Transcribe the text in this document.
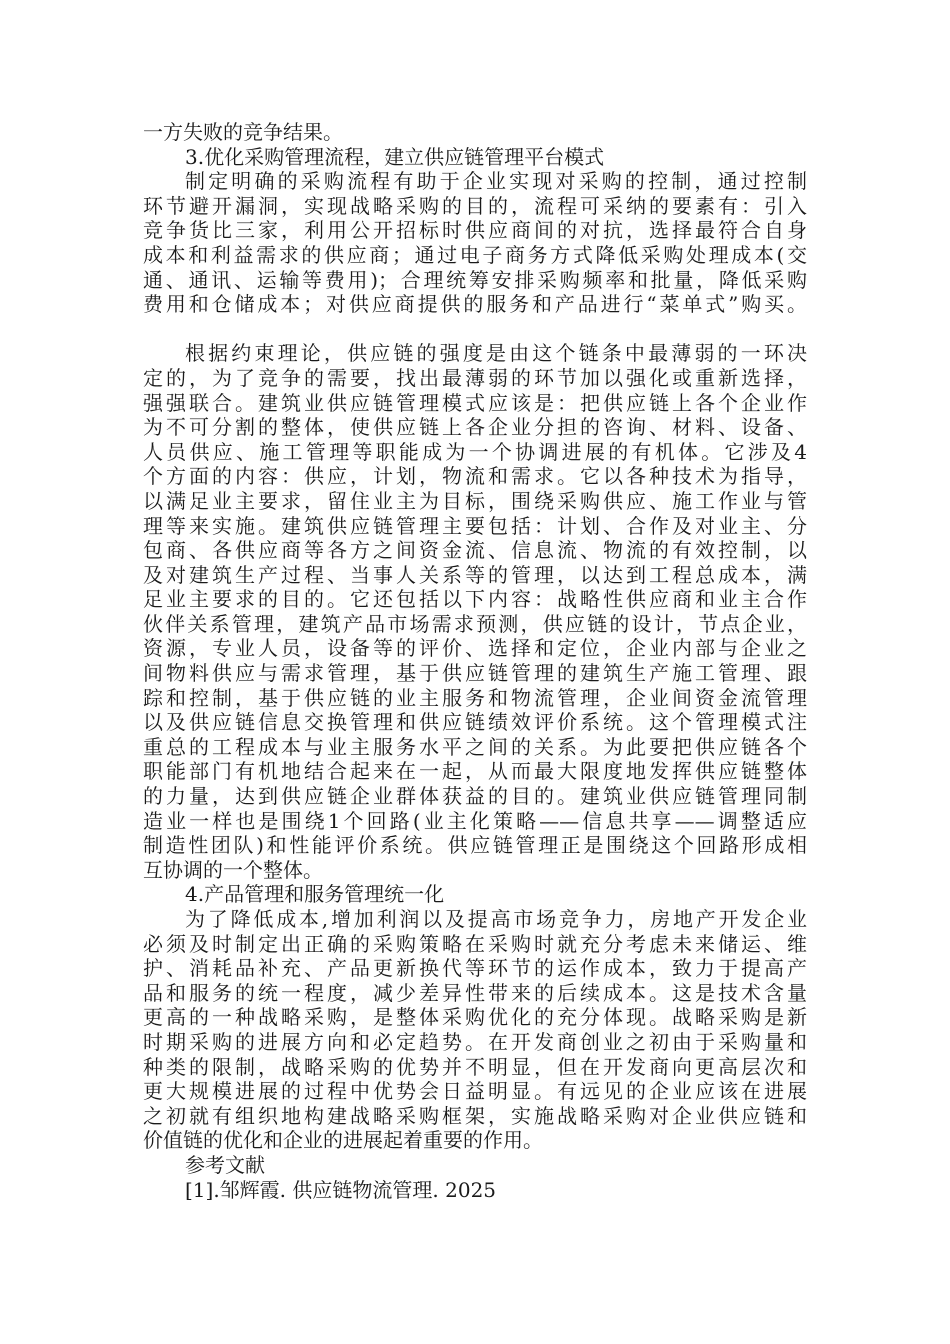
一方失败的竞争结果。
3.优化采购管理流程，建立供应链管理平台模式
制定明确的采购流程有助于企业实现对采购的控制，通过控制
环节避开漏洞，实现战略采购的目的，流程可采纳的要素有：引入
竞争货比三家，利用公开招标时供应商间的对抗，选择最符合自身
成本和利益需求的供应商；通过电子商务方式降低采购处理成本(交
通、通讯、运输等费用)；合理统筹安排采购频率和批量，降低采购
费用和仓储成本；对供应商提供的服务和产品进行“菜单式”购买。
根据约束理论，供应链的强度是由这个链条中最薄弱的一环决
定的，为了竞争的需要，找出最薄弱的环节加以强化或重新选择，
强强联合。建筑业供应链管理模式应该是：把供应链上各个企业作
为不可分割的整体，使供应链上各企业分担的咨询、材料、设备、
人员供应、施工管理等职能成为一个协调进展的有机体。它涉及4
个方面的内容：供应，计划，物流和需求。它以各种技术为指导，
以满足业主要求，留住业主为目标，围绕采购供应、施工作业与管
理等来实施。建筑供应链管理主要包括：计划、合作及对业主、分
包商、各供应商等各方之间资金流、信息流、物流的有效控制，以
及对建筑生产过程、当事人关系等的管理，以达到工程总成本，满
足业主要求的目的。它还包括以下内容：战略性供应商和业主合作
伙伴关系管理，建筑产品市场需求预测，供应链的设计，节点企业，
资源，专业人员，设备等的评价、选择和定位，企业内部与企业之
间物料供应与需求管理，基于供应链管理的建筑生产施工管理、跟
踪和控制，基于供应链的业主服务和物流管理，企业间资金流管理
以及供应链信息交换管理和供应链绩效评价系统。这个管理模式注
重总的工程成本与业主服务水平之间的关系。为此要把供应链各个
职能部门有机地结合起来在一起，从而最大限度地发挥供应链整体
的力量，达到供应链企业群体获益的目的。建筑业供应链管理同制
造业一样也是围绕1个回路(业主化策略——信息共享——调整适应
制造性团队)和性能评价系统。供应链管理正是围绕这个回路形成相
互协调的一个整体。
4.产品管理和服务管理统一化
为了降低成本,增加利润以及提高市场竞争力，房地产开发企业
必须及时制定出正确的采购策略在采购时就充分考虑未来储运、维
护、消耗品补充、产品更新换代等环节的运作成本，致力于提高产
品和服务的统一程度，减少差异性带来的后续成本。这是技术含量
更高的一种战略采购，是整体采购优化的充分体现。战略采购是新
时期采购的进展方向和必定趋势。在开发商创业之初由于采购量和
种类的限制，战略采购的优势并不明显，但在开发商向更高层次和
更大规模进展的过程中优势会日益明显。有远见的企业应该在进展
之初就有组织地构建战略采购框架，实施战略采购对企业供应链和
价值链的优化和企业的进展起着重要的作用。
参考文献
[1].邹辉霞. 供应链物流管理. 2025
